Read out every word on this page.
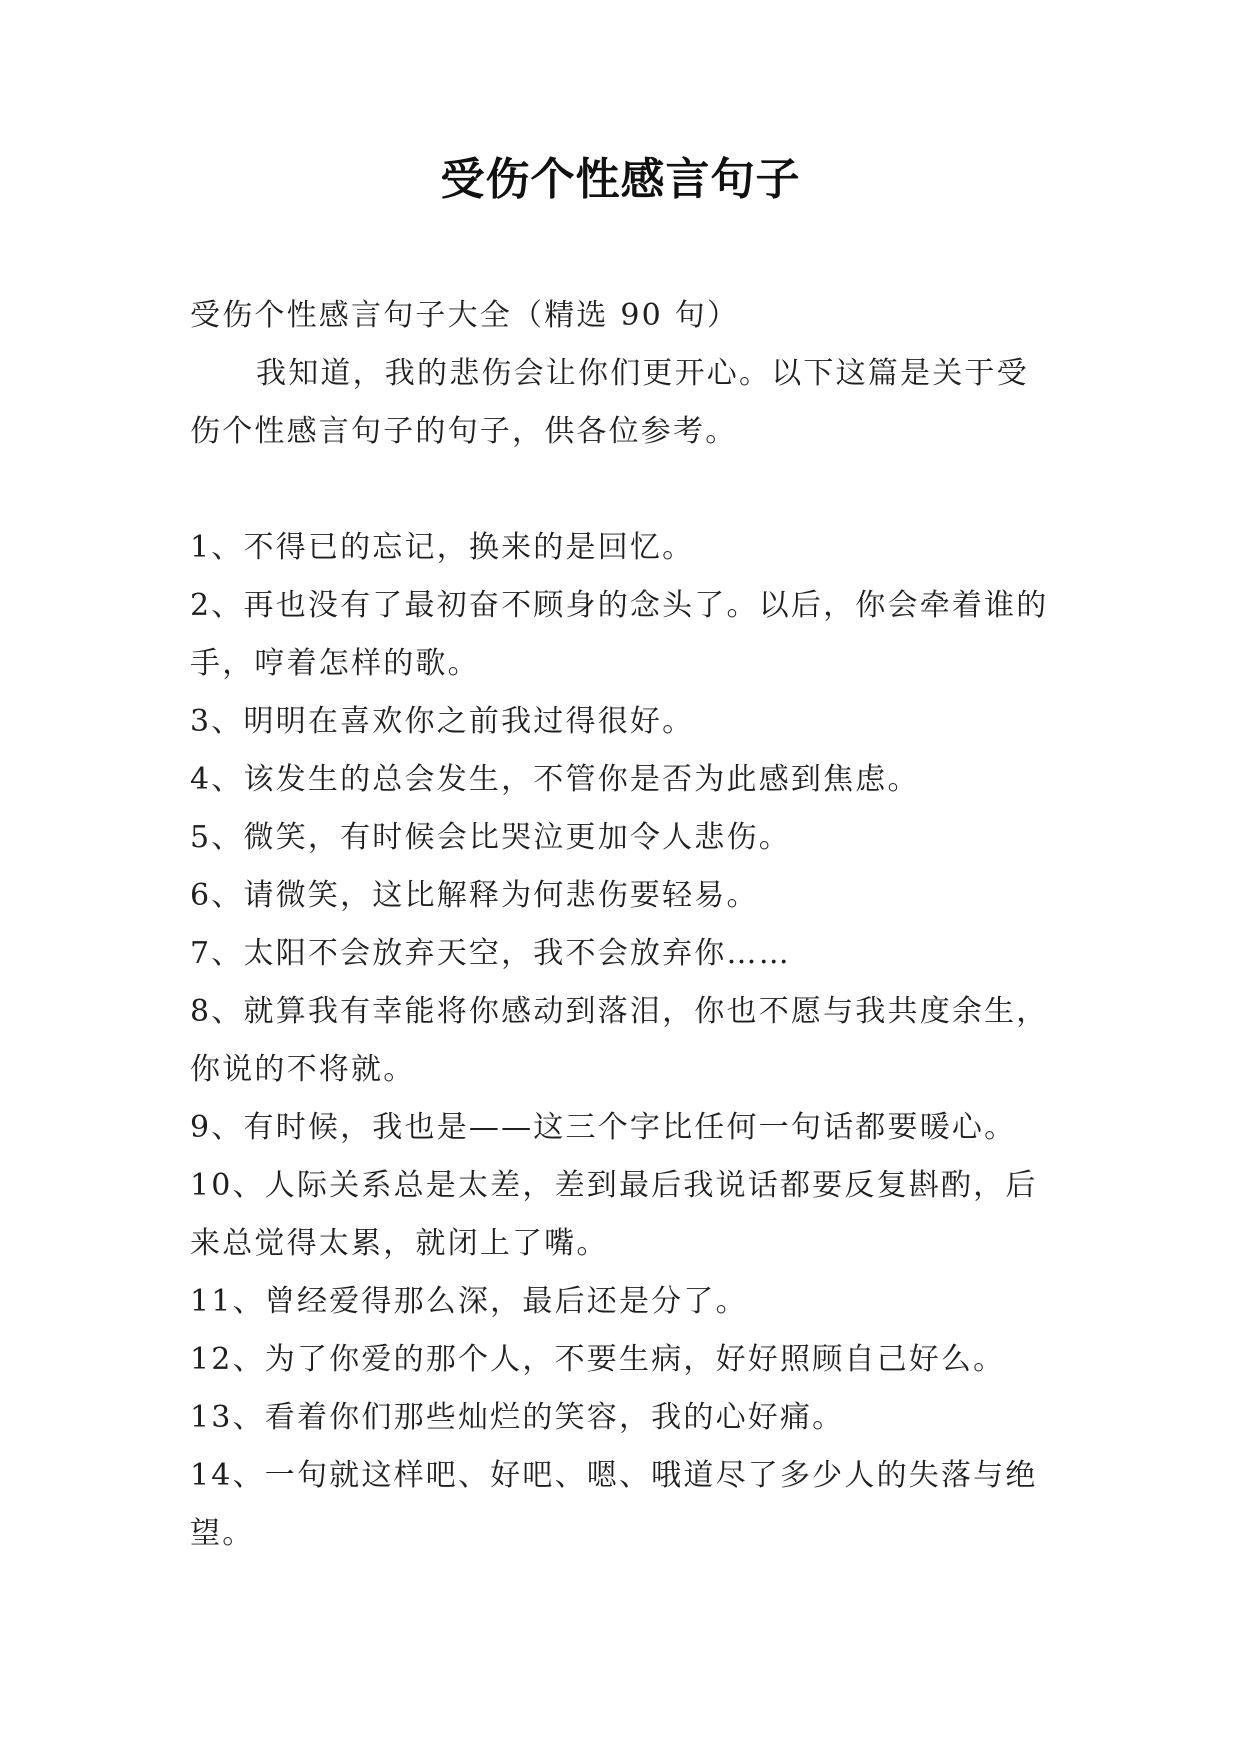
受伤个性感言句子

受伤个性感言句子大全（精选 90 句）

我知道，我的悲伤会让你们更开心。以下这篇是关于受伤个性感言句子的句子，供各位参考。

1、不得已的忘记，换来的是回忆。
2、再也没有了最初奋不顾身的念头了。以后，你会牵着谁的手，哼着怎样的歌。
3、明明在喜欢你之前我过得很好。
4、该发生的总会发生，不管你是否为此感到焦虑。
5、微笑，有时候会比哭泣更加令人悲伤。
6、请微笑，这比解释为何悲伤要轻易。
7、太阳不会放弃天空，我不会放弃你……
8、就算我有幸能将你感动到落泪，你也不愿与我共度余生，你说的不将就。
9、有时候，我也是——这三个字比任何一句话都要暖心。
10、人际关系总是太差，差到最后我说话都要反复斟酌，后来总觉得太累，就闭上了嘴。
11、曾经爱得那么深，最后还是分了。
12、为了你爱的那个人，不要生病，好好照顾自己好么。
13、看着你们那些灿烂的笑容，我的心好痛。
14、一句就这样吧、好吧、嗯、哦道尽了多少人的失落与绝望。
